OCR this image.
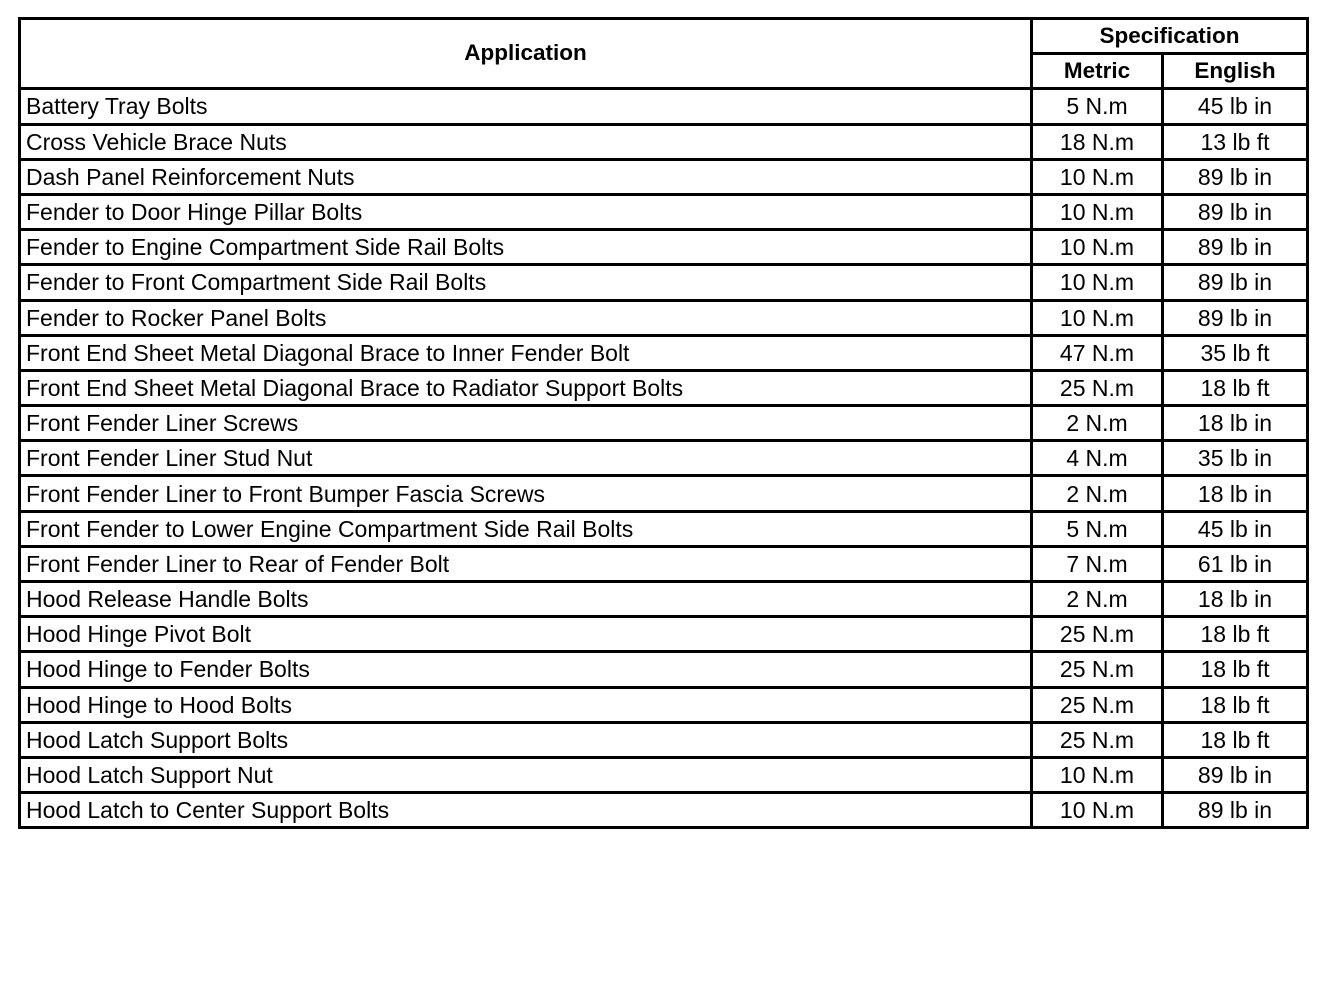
Application	Specification	
	Metric	English
Battery Tray Bolts	5 N.m	45 lb in
Cross Vehicle Brace Nuts	18 N.m	13 lb ft
Dash Panel Reinforcement Nuts	10 N.m	89 lb in
Fender to Door Hinge Pillar Bolts	10 N.m	89 lb in
Fender to Engine Compartment Side Rail Bolts	10 N.m	89 lb in
Fender to Front Compartment Side Rail Bolts	10 N.m	89 lb in
Fender to Rocker Panel Bolts	10 N.m	89 lb in
Front End Sheet Metal Diagonal Brace to Inner Fender Bolt	47 N.m	35 lb ft
Front End Sheet Metal Diagonal Brace to Radiator Support Bolts	25 N.m	18 lb ft
Front Fender Liner Screws	2 N.m	18 lb in
Front Fender Liner Stud Nut	4 N.m	35 lb in
Front Fender Liner to Front Bumper Fascia Screws	2 N.m	18 lb in
Front Fender to Lower Engine Compartment Side Rail Bolts	5 N.m	45 lb in
Front Fender Liner to Rear of Fender Bolt	7 N.m	61 lb in
Hood Release Handle Bolts	2 N.m	18 lb in
Hood Hinge Pivot Bolt	25 N.m	18 lb ft
Hood Hinge to Fender Bolts	25 N.m	18 lb ft
Hood Hinge to Hood Bolts	25 N.m	18 lb ft
Hood Latch Support Bolts	25 N.m	18 lb ft
Hood Latch Support Nut	10 N.m	89 lb in
Hood Latch to Center Support Bolts	10 N.m	89 lb in
